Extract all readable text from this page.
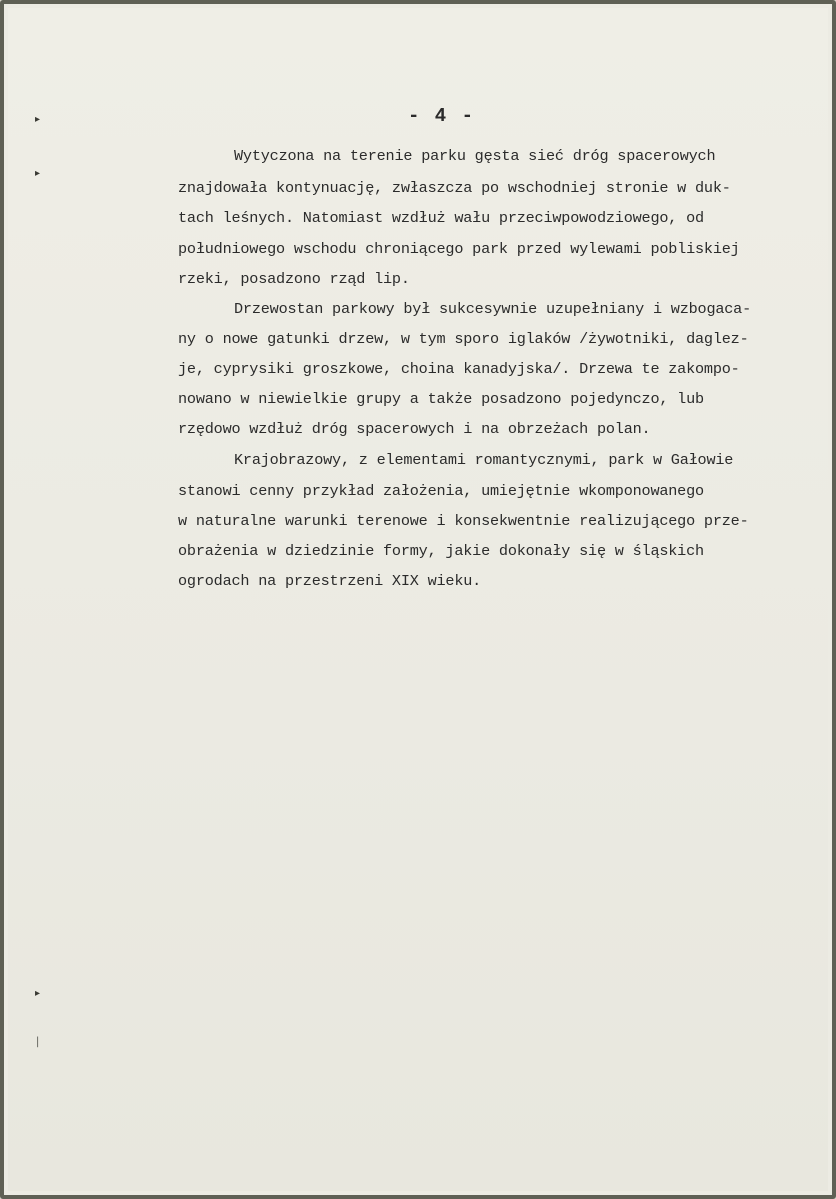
▸
▸
▸
│
- 4 -
Wytyczona na terenie parku gęsta sieć dróg spacerowych
znajdowała kontynuację, zwłaszcza po wschodniej stronie w duk-
tach leśnych. Natomiast wzdłuż wału przeciwpowodziowego, od
południowego wschodu chroniącego park przed wylewami pobliskiej
rzeki, posadzono rząd lip.
Drzewostan parkowy był sukcesywnie uzupełniany i wzbogaca-
ny o nowe gatunki drzew, w tym sporo iglaków /żywotniki, daglez-
je, cyprysiki groszkowe, choina kanadyjska/. Drzewa te zakompo-
nowano w niewielkie grupy a także posadzono pojedynczo, lub
rzędowo wzdłuż dróg spacerowych i na obrzeżach polan.
Krajobrazowy, z elementami romantycznymi, park w Gałowie
stanowi cenny przykład założenia, umiejętnie wkomponowanego
w naturalne warunki terenowe i konsekwentnie realizującego prze-
obrażenia w dziedzinie formy, jakie dokonały się w śląskich
ogrodach na przestrzeni XIX wieku.
